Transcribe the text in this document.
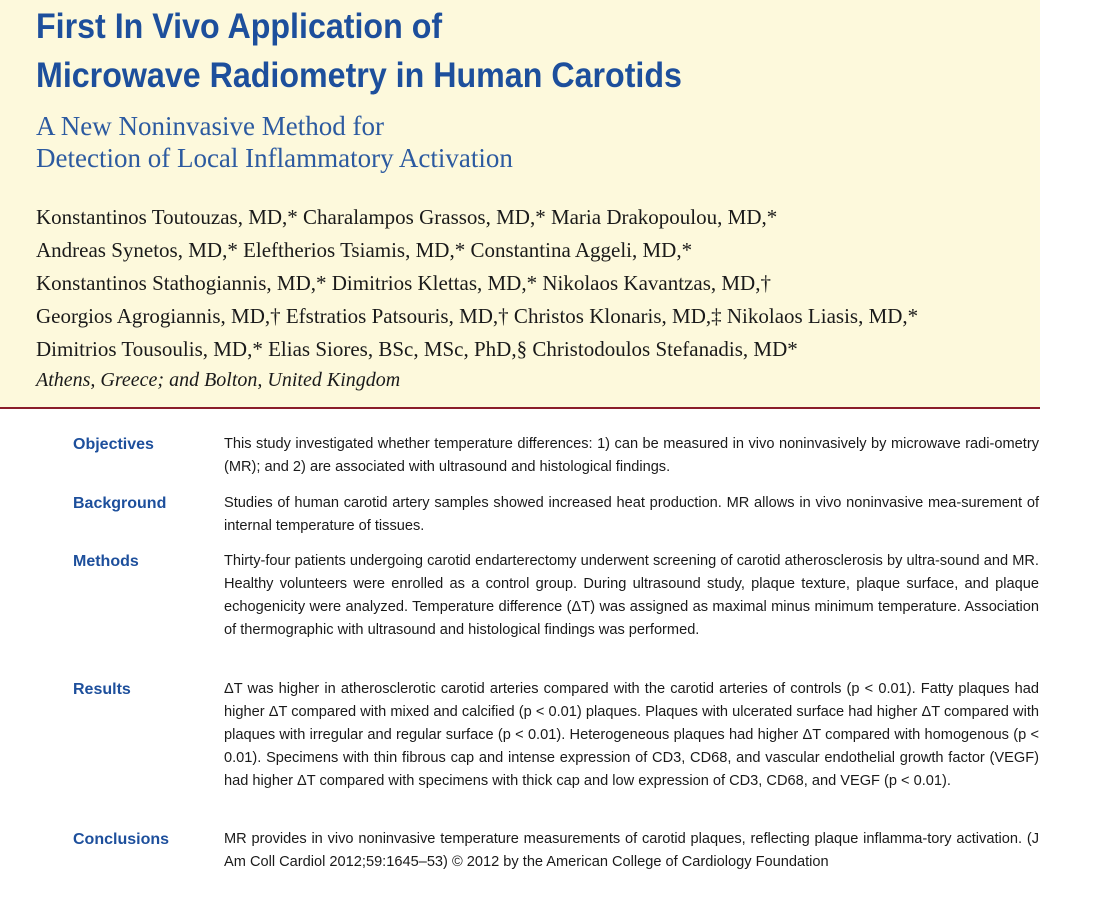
First In Vivo Application of
Microwave Radiometry in Human Carotids
A New Noninvasive Method for
Detection of Local Inflammatory Activation
Konstantinos Toutouzas, MD,* Charalampos Grassos, MD,* Maria Drakopoulou, MD,*
Andreas Synetos, MD,* Eleftherios Tsiamis, MD,* Constantina Aggeli, MD,*
Konstantinos Stathogiannis, MD,* Dimitrios Klettas, MD,* Nikolaos Kavantzas, MD,†
Georgios Agrogiannis, MD,† Efstratios Patsouris, MD,† Christos Klonaris, MD,‡ Nikolaos Liasis, MD,*
Dimitrios Tousoulis, MD,* Elias Siores, BSc, MSc, PhD,§ Christodoulos Stefanadis, MD*
Athens, Greece; and Bolton, United Kingdom
Objectives	This study investigated whether temperature differences: 1) can be measured in vivo noninvasively by microwave radi-ometry (MR); and 2) are associated with ultrasound and histological findings.
Background	Studies of human carotid artery samples showed increased heat production. MR allows in vivo noninvasive mea-surement of internal temperature of tissues.
Methods	Thirty-four patients undergoing carotid endarterectomy underwent screening of carotid atherosclerosis by ultra-sound and MR. Healthy volunteers were enrolled as a control group. During ultrasound study, plaque texture, plaque surface, and plaque echogenicity were analyzed. Temperature difference (ΔT) was assigned as maximal minus minimum temperature. Association of thermographic with ultrasound and histological findings was performed.
Results	ΔT was higher in atherosclerotic carotid arteries compared with the carotid arteries of controls (p < 0.01). Fatty plaques had higher ΔT compared with mixed and calcified (p < 0.01) plaques. Plaques with ulcerated surface had higher ΔT compared with plaques with irregular and regular surface (p < 0.01). Heterogeneous plaques had higher ΔT compared with homogenous (p < 0.01). Specimens with thin fibrous cap and intense expression of CD3, CD68, and vascular endothelial growth factor (VEGF) had higher ΔT compared with specimens with thick cap and low expression of CD3, CD68, and VEGF (p < 0.01).
Conclusions	MR provides in vivo noninvasive temperature measurements of carotid plaques, reflecting plaque inflamma-tory activation. (J Am Coll Cardiol 2012;59:1645–53) © 2012 by the American College of Cardiology Foundation
